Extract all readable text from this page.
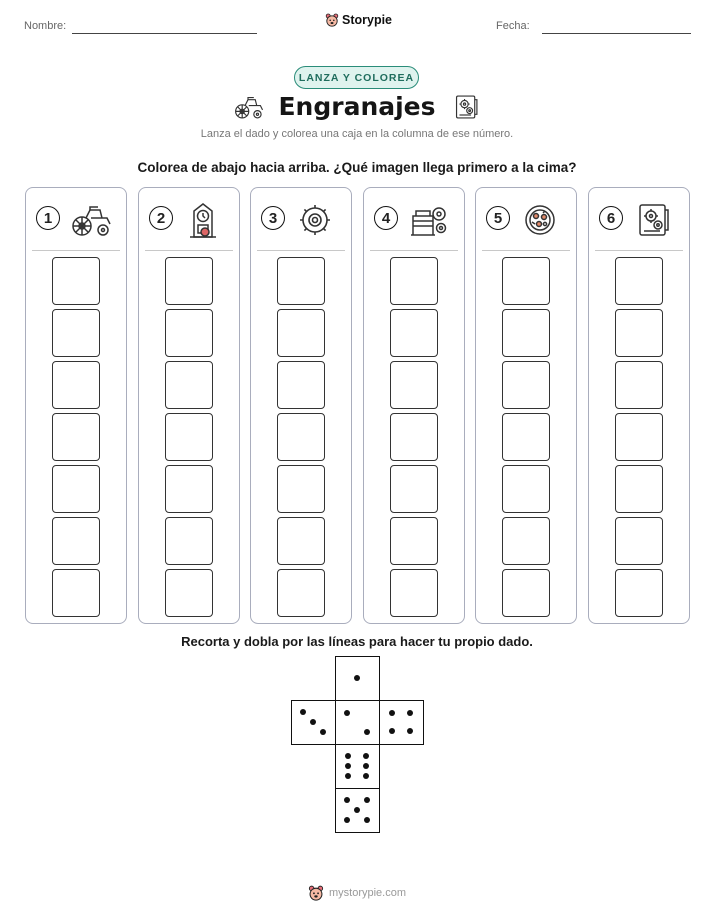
Nombre:	Storypie	Fecha:
LANZA Y COLOREA
Engranajes
Lanza el dado y colorea una caja en la columna de ese número.
Colorea de abajo hacia arriba. ¿Qué imagen llega primero a la cima?
1	2	3	4	5	6
Recorta y dobla por las líneas para hacer tu propio dado.
mystorypie.com
